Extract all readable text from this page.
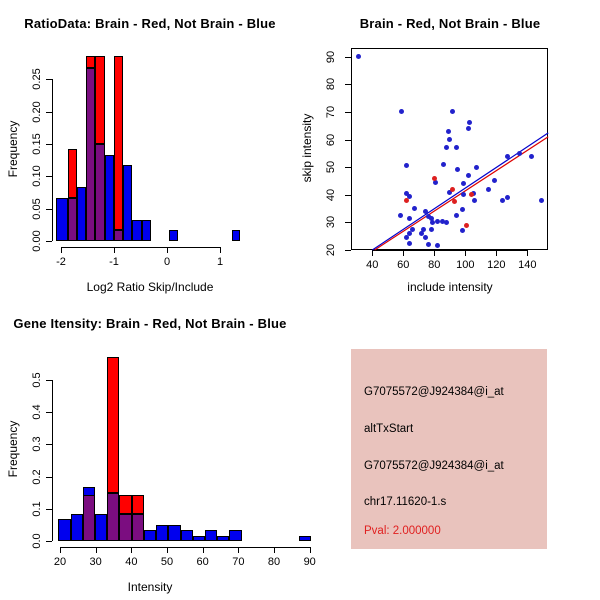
RatioData: Brain - Red, Not Brain - Blue
Frequency
Log2 Ratio Skip/Include
0.00
0.05
0.10
0.15
0.20
0.25
-2	-1	0	1
Brain - Red, Not Brain - Blue
skip intensity
include intensity
20
30
40
50
60
70
80
90
40 60 80 100 120 140
Gene Itensity: Brain - Red, Not Brain - Blue
Frequency
Intensity
0.0
0.1
0.2
0.3
0.4
0.5
20 30 40 50 60 70 80 90
G7075572@J924384@i_at
altTxStart
G7075572@J924384@i_at
chr17.11620-1.s
Pval: 2.000000
